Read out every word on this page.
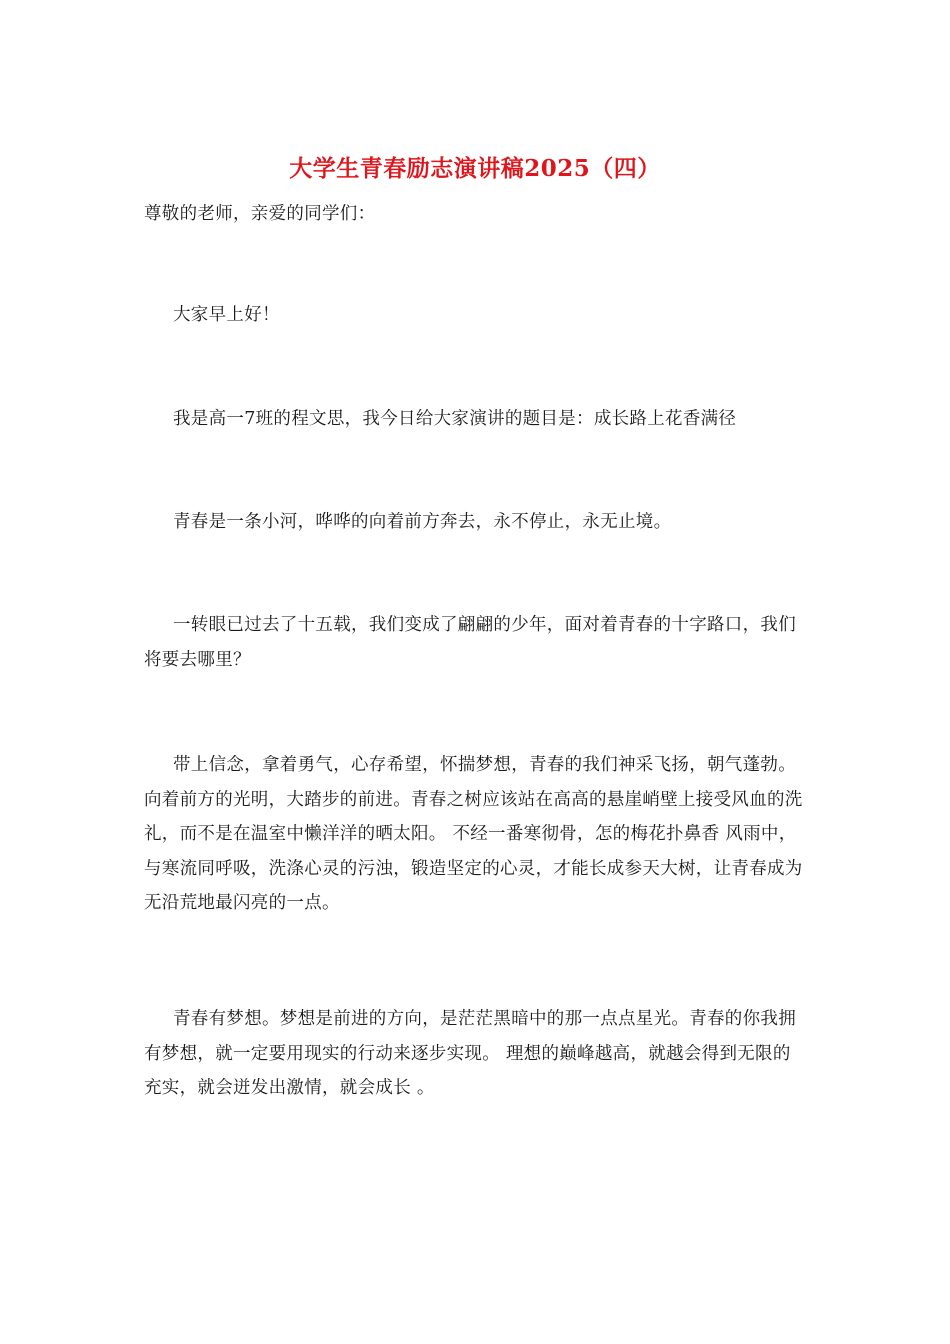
大学生青春励志演讲稿2025（四）

尊敬的老师，亲爱的同学们：

大家早上好！

我是高一7班的程文思，我今日给大家演讲的题目是：成长路上花香满径

青春是一条小河，哗哗的向着前方奔去，永不停止，永无止境。

一转眼已过去了十五载，我们变成了翩翩的少年，面对着青春的十字路口，我们将要去哪里？

带上信念，拿着勇气，心存希望，怀揣梦想，青春的我们神采飞扬，朝气蓬勃。向着前方的光明，大踏步的前进。青春之树应该站在高高的悬崖峭壁上接受风血的洗礼，而不是在温室中懒洋洋的晒太阳。 不经一番寒彻骨，怎的梅花扑鼻香 风雨中，与寒流同呼吸，洗涤心灵的污浊，锻造坚定的心灵，才能长成参天大树，让青春成为无沿荒地最闪亮的一点。

青春有梦想。梦想是前进的方向，是茫茫黑暗中的那一点点星光。青春的你我拥有梦想，就一定要用现实的行动来逐步实现。 理想的巅峰越高，就越会得到无限的充实，就会迸发出激情，就会成长 。
